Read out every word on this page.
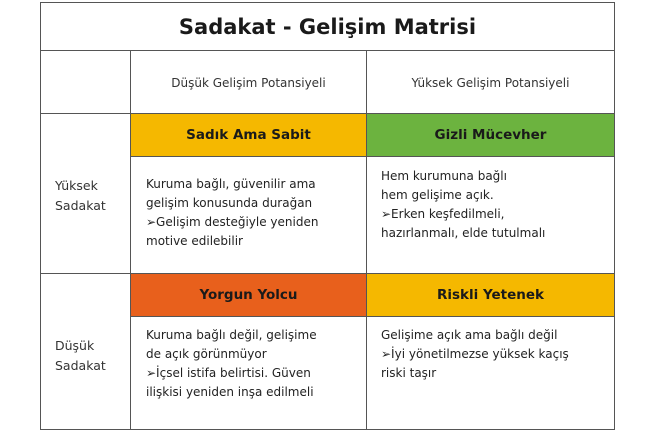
Sadakat - Gelişim Matrisi
Düşük Gelişim Potansiyeli	Yüksek Gelişim Potansiyeli
Yüksek
Sadakat
Düşük
Sadakat
Sadık Ama Sabit

Kuruma bağlı, güvenilir ama

gelişim konusunda durağan

➢Gelişim desteğiyle yeniden

motive edilebilir

Gizli Mücevher

Hem kurumuna bağlı

hem gelişime açık.

➢Erken keşfedilmeli,

hazırlanmalı, elde tutulmalı

Yorgun Yolcu

Kuruma bağlı değil, gelişime

de açık görünmüyor

➢İçsel istifa belirtisi. Güven

ilişkisi yeniden inşa edilmeli

Riskli Yetenek

Gelişime açık ama bağlı değil

➢İyi yönetilmezse yüksek kaçış

riski taşır
